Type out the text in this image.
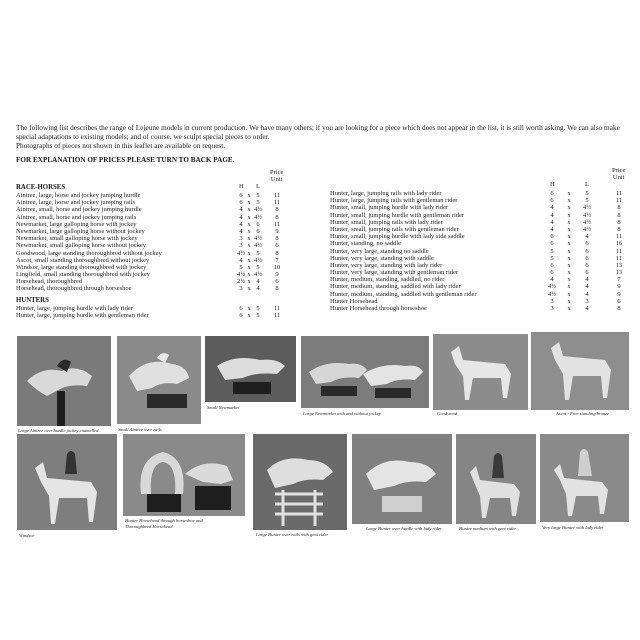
The following list describes the range of Lejeune models in current production. We have many others; if you are looking for a piece which does not appear in the list, it is still worth asking. We can also make special adaptations to existing models; and of course, we sculpt special pieces to order.

Photographs of pieces not shown in this leaflet are available on request.

FOR EXPLANATION OF PRICES PLEASE TURN TO BACK PAGE.
RACE-HORSES	H L
Price
Unit
Aintree, large, horse and jockey jumping hurdle	6 x 5	11
Aintree, large, horse and jockey jumping rails	6 x 5	11
Aintree, small, horse and jockey jumping hurdle	4 x 4½	8
Aintree, small, horse and jockey jumping rails	4 x 4½	8
Newmarket, large galloping horse with jockey	4 x 6	11
Newmarket, large galloping horse without jockey	4 x 6	9
Newmarket, small galloping horse with jockey	3 x 4½	8
Newmarket, small galloping horse without jockey	3 x 4½	6
Goodwood, large standing thoroughbred without jockey	4½ x 5	8
Ascot, small standing thoroughbred without jockey	4 x 4½	7
Windsor, large standing thoroughbred with jockey	5 x 5	10
Lingfield, small standing thoroughbred with jockey	4½ x 4½	9
Horsehead, thoroughbred	2½ x 4	6
Horsehead, thoroughbred through horseshoe	3 x 4	8
HUNTERS
Hunter, large, jumping hurdle with lady rider	6 x 5	11
Hunter, large, jumping hurdle with gentleman rider	6 x 5	11
H	L
Price
Unit
Hunter, large, jumping rails with lady rider	6	x	5	11
Hunter, large, jumping rails with gentleman rider	6	x	5	11
Hunter, small, jumping hurdle with lady rider	4	x 4½	8
Hunter, small, jumping hurdle with gentleman rider	4	x 4½	8
Hunter, small, jumping rails with lady rider	4	x 4½	8
Hunter, small, jumping rails with gentleman rider	4	x 4½	8
Hunter, small, jumping hurdle with lady side saddle	6	x	4	11
Hunter, standing, no saddle	6	x	6	16
Hunter, very large, standing no saddle	5	x	6	11
Hunter, very large, standing with saddle	5	x	6	11
Hunter, very large, standing with lady rider	6	x	6	13
Hunter, very large, standing with gentleman rider	6	x	6	13
Hunter, medium, standing, saddled, no rider	4	x	4	7
Hunter, medium, standing, saddled with lady rider	4½ x	4	9
Hunter, medium, standing, saddled with gentleman rider	4½ x	4	9
Hunter Horsehead	3	x	3	6
Hunter Horsehead through horseshoe	3	x	4	8
Large Aintree over hurdle jockey enamelled	Small Aintree over rails
Small Newmarket
Large Newmarket with and without jockey	Goodwood	Ascot - Free standing bronze
Windsor
Hunter Horsehead through horseshoe and
Thoroughbred Horsehead
Large Hunter over rails with gent rider
Large Hunter over hurdle with lady rider	Hunter medium with gent rider	Very large Hunter with lady rider
